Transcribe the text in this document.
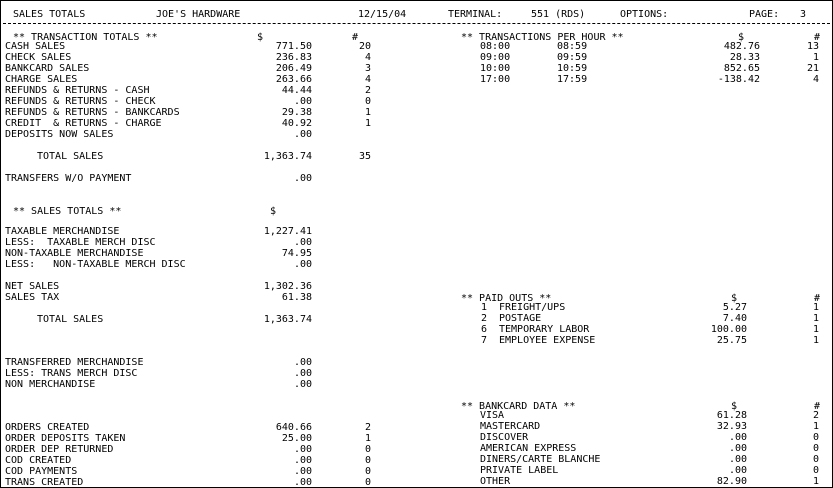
SALES TOTALS	JOE'S HARDWARE	12/15/04	TERMINAL:	551 (RDS)	OPTIONS:	PAGE: 3
** TRANSACTION TOTALS **	$	#
CASH SALES	771.50	20
CHECK SALES	236.83	4
BANKCARD SALES	206.49	3
CHARGE SALES	263.66	4
REFUNDS & RETURNS - CASH	44.44	2
REFUNDS & RETURNS - CHECK	.00	0
REFUNDS & RETURNS - BANKCARDS	29.38	1
CREDIT  & RETURNS - CHARGE	40.92	1
DEPOSITS NOW SALES	.00
TOTAL SALES	1,363.74	35
TRANSFERS W/O PAYMENT	.00
** SALES TOTALS **	$
TAXABLE MERCHANDISE	1,227.41
LESS:  TAXABLE MERCH DISC	.00
NON-TAXABLE MERCHANDISE	74.95
LESS:   NON-TAXABLE MERCH DISC	.00
NET SALES	1,302.36
SALES TAX	61.38
TOTAL SALES	1,363.74
TRANSFERRED MERCHANDISE	.00
LESS: TRANS MERCH DISC	.00
NON MERCHANDISE	.00
ORDERS CREATED	640.66	2
ORDER DEPOSITS TAKEN	25.00	1
ORDER DEP RETURNED	.00	0
COD CREATED	.00	0
COD PAYMENTS	.00	0
TRANS CREATED	.00	0
** TRANSACTIONS PER HOUR **	$	#
08:00	08:59	482.76	13
09:00	09:59	28.33	1
10:00	10:59	852.65	21
17:00	17:59	-138.42	4
** PAID OUTS **	$	#
1 FREIGHT/UPS	5.27	1
2 POSTAGE	7.40	1
6 TEMPORARY LABOR	100.00	1
7 EMPLOYEE EXPENSE	25.75	1
** BANKCARD DATA **	$	#
VISA	61.28	2
MASTERCARD	32.93	1
DISCOVER	.00	0
AMERICAN EXPRESS	.00	0
DINERS/CARTE BLANCHE	.00	0
PRIVATE LABEL	.00	0
OTHER	82.90	1
